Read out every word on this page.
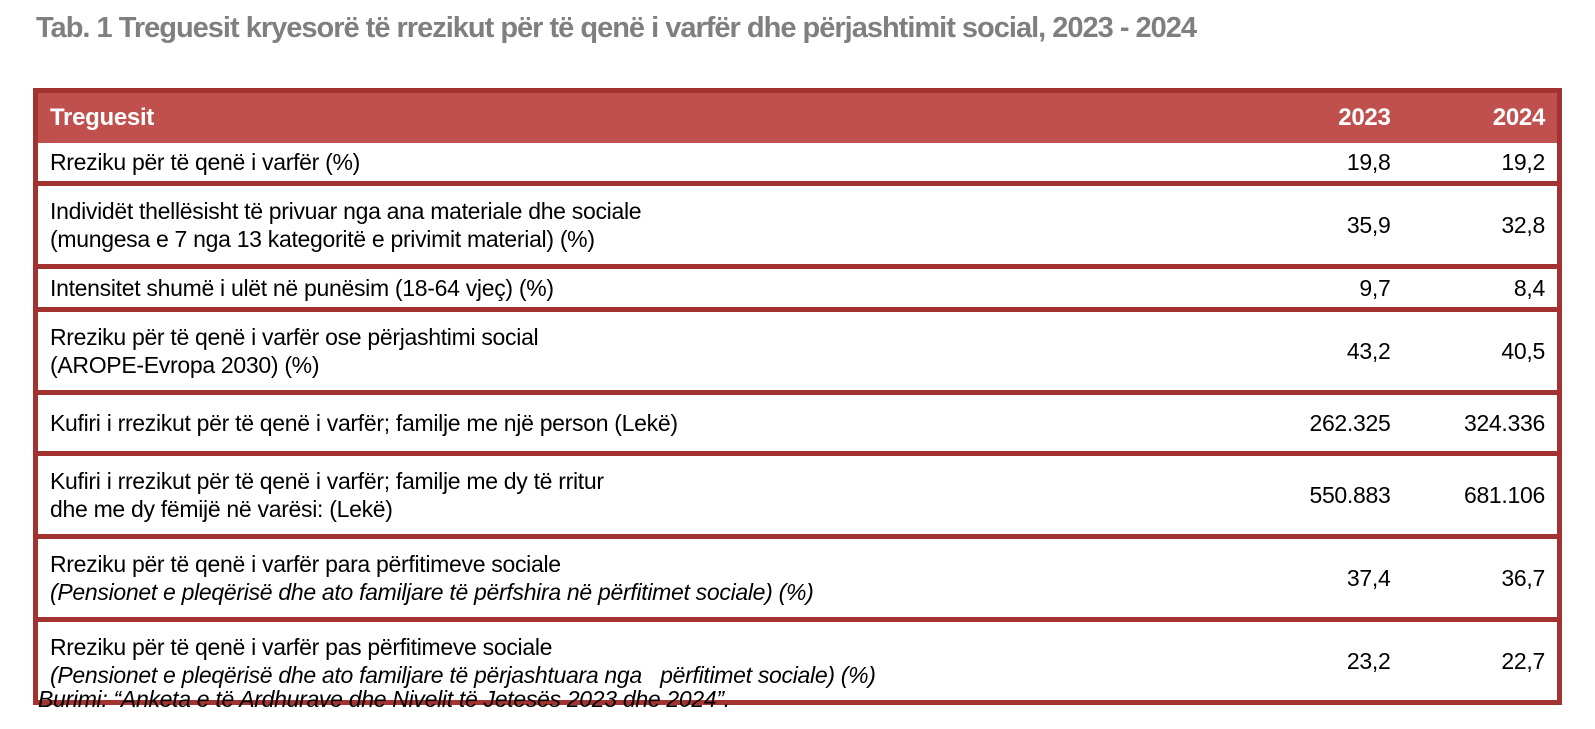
Tab. 1 Treguesit kryesorë të rrezikut për të qenë i varfër dhe përjashtimit social, 2023 - 2024
Treguesit	2023	2024

Rreziku për të qenë i varfër (%)	19,8	19,2

Individët thellësisht të privuar nga ana materiale dhe sociale
(mungesa e 7 nga 13 kategoritë e privimit material) (%)	35,9	32,8

Intensitet shumë i ulët në punësim (18-64 vjeç) (%)	9,7	8,4

Rreziku për të qenë i varfër ose përjashtimi social
(AROPE-Evropa 2030) (%)	43,2	40,5

Kufiri i rrezikut për të qenë i varfër; familje me një person (Lekë)	262.325	324.336

Kufiri i rrezikut për të qenë i varfër; familje me dy të rritur
dhe me dy fëmijë në varësi: (Lekë)	550.883	681.106

Rreziku për të qenë i varfër para përfitimeve sociale
(Pensionet e pleqërisë dhe ato familjare të përfshira në përfitimet sociale) (%)	37,4	36,7

Rreziku për të qenë i varfër pas përfitimeve sociale
(Pensionet e pleqërisë dhe ato familjare të përjashtuara nga   përfitimet sociale) (%)	23,2	22,7
Burimi: “Anketa e të Ardhurave dhe Nivelit të Jetesës 2023 dhe 2024”.
